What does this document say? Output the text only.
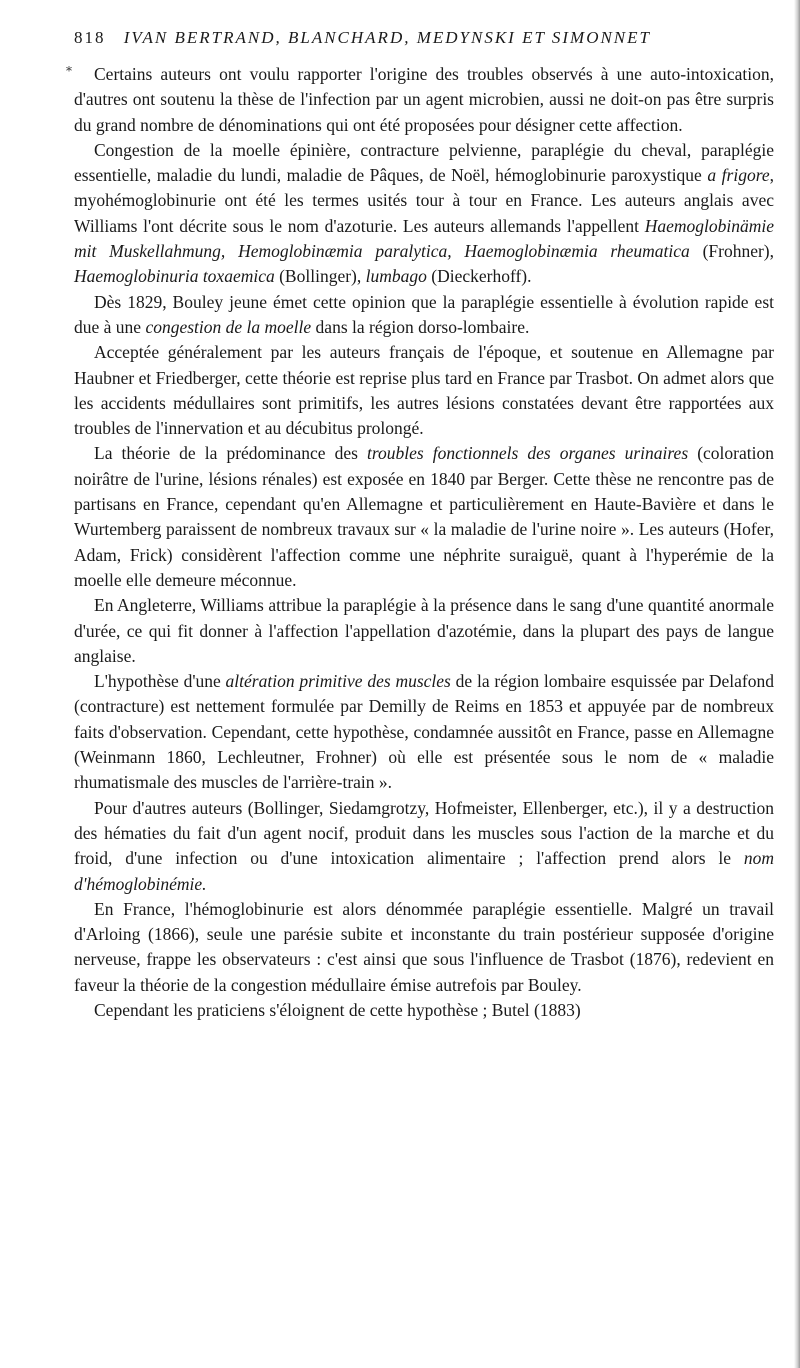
818 IVAN BERTRAND, BLANCHARD, MEDYNSKI ET SIMONNET
*	Certains auteurs ont voulu rapporter l'origine des troubles observés à une auto-intoxication, d'autres ont soutenu la thèse de l'infection par un agent microbien, aussi ne doit-on pas être surpris du grand nombre de dénominations qui ont été proposées pour désigner cette affection.

Congestion de la moelle épinière, contracture pelvienne, paraplégie du cheval, paraplégie essentielle, maladie du lundi, maladie de Pâques, de Noël, hémoglobinurie paroxystique a frigore, myohémoglobinurie ont été les termes usités tour à tour en France. Les auteurs anglais avec Williams l'ont décrite sous le nom d'azoturie. Les auteurs allemands l'appellent Haemoglobinämie mit Muskellahmung, Hemoglobinæmia paralytica, Haemoglobinæmia rheumatica (Frohner), Haemoglobinuria toxaemica (Bollinger), lumbago (Dieckerhoff).

Dès 1829, Bouley jeune émet cette opinion que la paraplégie essentielle à évolution rapide est due à une congestion de la moelle dans la région dorso-lombaire.

Acceptée généralement par les auteurs français de l'époque, et soutenue en Allemagne par Haubner et Friedberger, cette théorie est reprise plus tard en France par Trasbot. On admet alors que les accidents médullaires sont primitifs, les autres lésions constatées devant être rapportées aux troubles de l'innervation et au décubitus prolongé.

La théorie de la prédominance des troubles fonctionnels des organes urinaires (coloration noirâtre de l'urine, lésions rénales) est exposée en 1840 par Berger. Cette thèse ne rencontre pas de partisans en France, cependant qu'en Allemagne et particulièrement en Haute-Bavière et dans le Wurtemberg paraissent de nombreux travaux sur « la maladie de l'urine noire ». Les auteurs (Hofer, Adam, Frick) considèrent l'affection comme une néphrite suraiguë, quant à l'hyperémie de la moelle elle demeure méconnue.

En Angleterre, Williams attribue la paraplégie à la présence dans le sang d'une quantité anormale d'urée, ce qui fit donner à l'affection l'appellation d'azotémie, dans la plupart des pays de langue anglaise.

L'hypothèse d'une altération primitive des muscles de la région lombaire esquissée par Delafond (contracture) est nettement formulée par Demilly de Reims en 1853 et appuyée par de nombreux faits d'observation. Cependant, cette hypothèse, condamnée aussitôt en France, passe en Allemagne (Weinmann 1860, Lechleutner, Frohner) où elle est présentée sous le nom de « maladie rhumatismale des muscles de l'arrière-train ».

Pour d'autres auteurs (Bollinger, Siedamgrotzy, Hofmeister, Ellenberger, etc.), il y a destruction des hématies du fait d'un agent nocif, produit dans les muscles sous l'action de la marche et du froid, d'une infection ou d'une intoxication alimentaire ; l'affection prend alors le nom d'hémoglobinémie.

En France, l'hémoglobinurie est alors dénommée paraplégie essentielle. Malgré un travail d'Arloing (1866), seule une parésie subite et inconstante du train postérieur supposée d'origine nerveuse, frappe les observateurs : c'est ainsi que sous l'influence de Trasbot (1876), redevient en faveur la théorie de la congestion médullaire émise autrefois par Bouley.

Cependant les praticiens s'éloignent de cette hypothèse ; Butel (1883)
